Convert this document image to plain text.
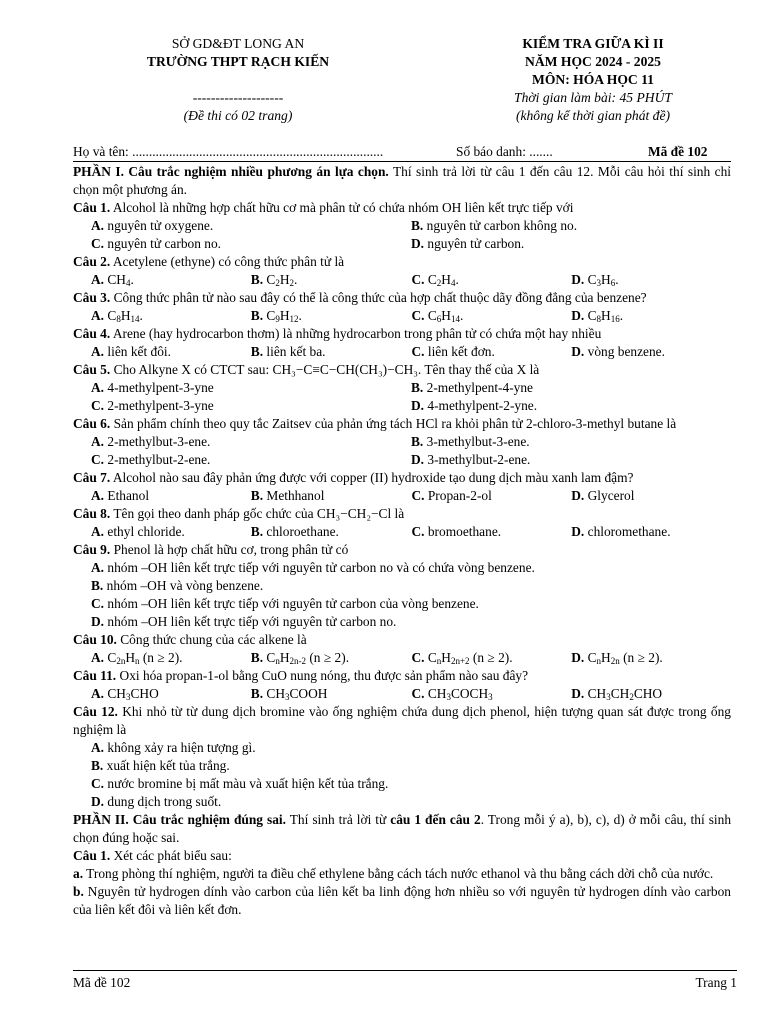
SỞ GD&ĐT LONG AN
TRƯỜNG THPT RẠCH KIẾN
--------------------
(Đề thi có 02 trang)
KIỂM TRA GIỮA KÌ II
NĂM HỌC 2024 - 2025
MÔN: HÓA HỌC 11
Thời gian làm bài: 45 PHÚT
(không kể thời gian phát đề)
Họ và tên: ...........................................................................	Số báo danh: .......	Mã đề 102

PHẦN I. Câu trắc nghiệm nhiều phương án lựa chọn. Thí sinh trả lời từ câu 1 đến câu 12. Mỗi câu hỏi thí sinh chỉ chọn một phương án.

Câu 1. Alcohol là những hợp chất hữu cơ mà phân tử có chứa nhóm OH liên kết trực tiếp với

A. nguyên tử oxygene.	B. nguyên tử carbon không no.
C. nguyên tử carbon no.	D. nguyên tử carbon.

Câu 2. Acetylene (ethyne) có công thức phân tử là

A. $CH_4$.	B. $C_2H_2$.	C. $C_2H_4$.	D. $C_3H_6$.

Câu 3. Công thức phân tử nào sau đây có thể là công thức của hợp chất thuộc dãy đồng đẳng của benzene?

A. $C_8H_{14}$.	B. $C_9H_{12}$.	C. $C_6H_{14}$.	D. $C_8H_{16}$.

Câu 4. Arene (hay hydrocarbon thơm) là những hydrocarbon trong phân tử có chứa một hay nhiều

A. liên kết đôi.	B. liên kết ba.	C. liên kết đơn.	D. vòng benzene.

Câu 5. Cho Alkyne X có CTCT sau: CH₃−C≡C−CH(CH₃)−CH₃. Tên thay thế của X là

A. 4-methylpent-3-yne	B. 2-methylpent-4-yne
C. 2-methylpent-3-yne	D. 4-methylpent-2-yne.

Câu 6. Sản phẩm chính theo quy tắc Zaitsev của phản ứng tách HCl ra khỏi phân tử 2-chloro-3-methyl butane là

A. 2-methylbut-3-ene.	B. 3-methylbut-3-ene.
C. 2-methylbut-2-ene.	D. 3-methylbut-2-ene.

Câu 7. Alcohol nào sau đây phản ứng được với copper (II) hydroxide tạo dung dịch màu xanh lam đậm?

A. Ethanol	B. Methhanol	C. Propan-2-ol	D. Glycerol

Câu 8. Tên gọi theo danh pháp gốc chức của CH₃−CH₂−Cl là

A. ethyl chloride.	B. chloroethane.	C. bromoethane.	D. chloromethane.

Câu 9. Phenol là hợp chất hữu cơ, trong phân tử có

A. nhóm –OH liên kết trực tiếp với nguyên tử carbon no và có chứa vòng benzene.
B. nhóm –OH và vòng benzene.
C. nhóm –OH liên kết trực tiếp với nguyên tử carbon của vòng benzene.
D. nhóm –OH liên kết trực tiếp với nguyên tử carbon no.

Câu 10. Công thức chung của các alkene là

A. $C_{2n}H_n$ (n ≥ 2).	B. $C_nH_{2n-2}$ (n ≥ 2).	C. $C_nH_{2n+2}$ (n ≥ 2).	D. $C_nH_{2n}$ (n ≥ 2).

Câu 11. Oxi hóa propan-1-ol bằng CuO nung nóng, thu được sản phẩm nào sau đây?

A. $CH_3CHO$	B. $CH_3COOH$	C. $CH_3COCH_3$	D. $CH_3CH_2CHO$

Câu 12. Khi nhỏ từ từ dung dịch bromine vào ống nghiệm chứa dung dịch phenol, hiện tượng quan sát được trong ống nghiệm là

A. không xảy ra hiện tượng gì.
B. xuất hiện kết tủa trắng.
C. nước bromine bị mất màu và xuất hiện kết tủa trắng.
D. dung dịch trong suốt.

PHẦN II. Câu trắc nghiệm đúng sai. Thí sinh trả lời từ câu 1 đến câu 2. Trong mỗi ý a), b), c), d) ở mỗi câu, thí sinh chọn đúng hoặc sai.

Câu 1. Xét các phát biểu sau:

a. Trong phòng thí nghiệm, người ta điều chế ethylene bằng cách tách nước ethanol và thu bằng cách dời chỗ của nước.

b. Nguyên tử hydrogen dính vào carbon của liên kết ba linh động hơn nhiều so với nguyên tử hydrogen dính vào carbon của liên kết đôi và liên kết đơn.

Mã đề 102	Trang 1
